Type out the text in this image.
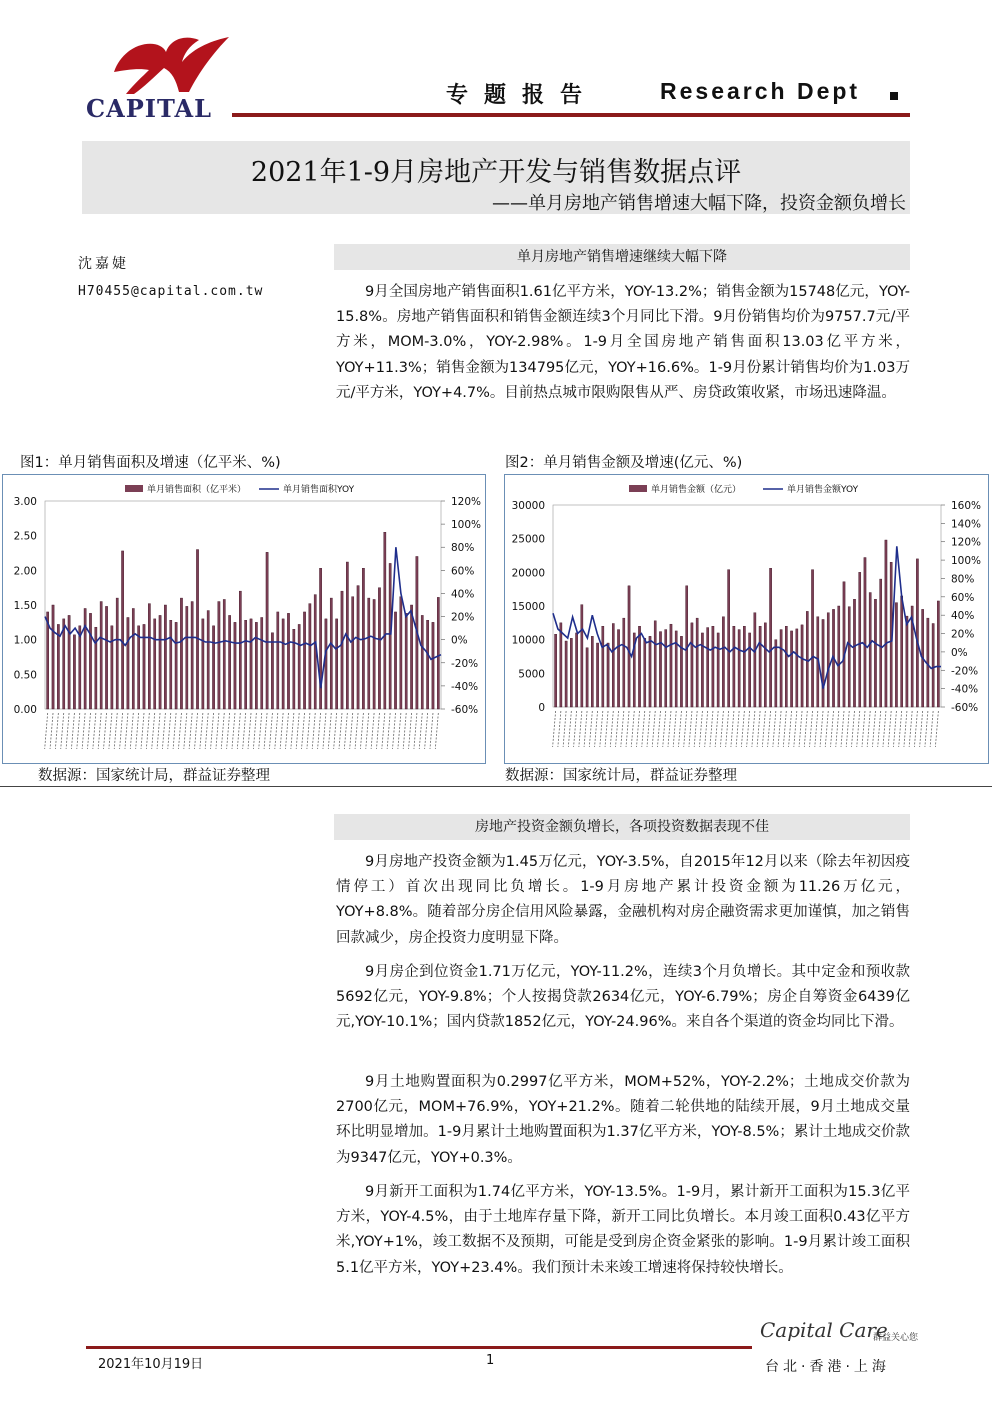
CAPITAL	专题报告	Research Dept
2021年1-9月房地产开发与销售数据点评
——单月房地产销售增速大幅下降，投资金额负增长
沈嘉婕
H70455@capital.com.tw
单月房地产销售增速继续大幅下降

9月全国房地产销售面积1.61亿平方米，YOY-13.2%；销售金额为15748亿元，YOY-15.8%。房地产销售面积和销售金额连续3个月同比下滑。9月份销售均价为9757.7元/平方米，MOM-3.0%，YOY-2.98%。1-9月全国房地产销售面积13.03亿平方米，YOY+11.3%；销售金额为134795亿元，YOY+16.6%。1-9月份累计销售均价为1.03万元/平方米，YOY+4.7%。目前热点城市限购限售从严、房贷政策收紧，市场迅速降温。

图1：单月销售面积及增速（亿平米、%)	图2：单月销售金额及增速(亿元、%)
0.00
0.50
1.00
1.50
2.00
2.50
3.00
-60%
-40%
-20%
0%
20%
40%
60%
80%
100%
120%
单月销售面积（亿平米）	单月销售面积YOY
0
5000
10000
15000
20000
25000
30000
-60%
-40%
-20%
0%
20%
40%
60%
80%
100%
120%
140%
160%
单月销售金额（亿元）	单月销售金额YOY
数据源：国家统计局，群益证券整理	数据源：国家统计局，群益证券整理
房地产投资金额负增长，各项投资数据表现不佳

9月房地产投资金额为1.45万亿元，YOY-3.5%，自2015年12月以来（除去年初因疫情停工）首次出现同比负增长。1-9月房地产累计投资金额为11.26万亿元，YOY+8.8%。随着部分房企信用风险暴露，金融机构对房企融资需求更加谨慎，加之销售回款减少，房企投资力度明显下降。

9月房企到位资金1.71万亿元，YOY-11.2%，连续3个月负增长。其中定金和预收款5692亿元，YOY-9.8%；个人按揭贷款2634亿元，YOY-6.79%；房企自筹资金6439亿元,YOY-10.1%；国内贷款1852亿元，YOY-24.96%。来自各个渠道的资金均同比下滑。

9月土地购置面积为0.2997亿平方米，MOM+52%，YOY-2.2%；土地成交价款为2700亿元，MOM+76.9%，YOY+21.2%。随着二轮供地的陆续开展，9月土地成交量环比明显增加。1-9月累计土地购置面积为1.37亿平方米，YOY-8.5%；累计土地成交价款为9347亿元，YOY+0.3%。

9月新开工面积为1.74亿平方米，YOY-13.5%。1-9月，累计新开工面积为15.3亿平方米，YOY-4.5%，由于土地库存量下降，新开工同比负增长。本月竣工面积0.43亿平方米,YOY+1%，竣工数据不及预期，可能是受到房企资金紧张的影响。1-9月累计竣工面积5.1亿平方米，YOY+23.4%。我们预计未来竣工增速将保持较快增长。

Capital Care
群益关心您
2021年10月19日	1	台北·香港·上海
